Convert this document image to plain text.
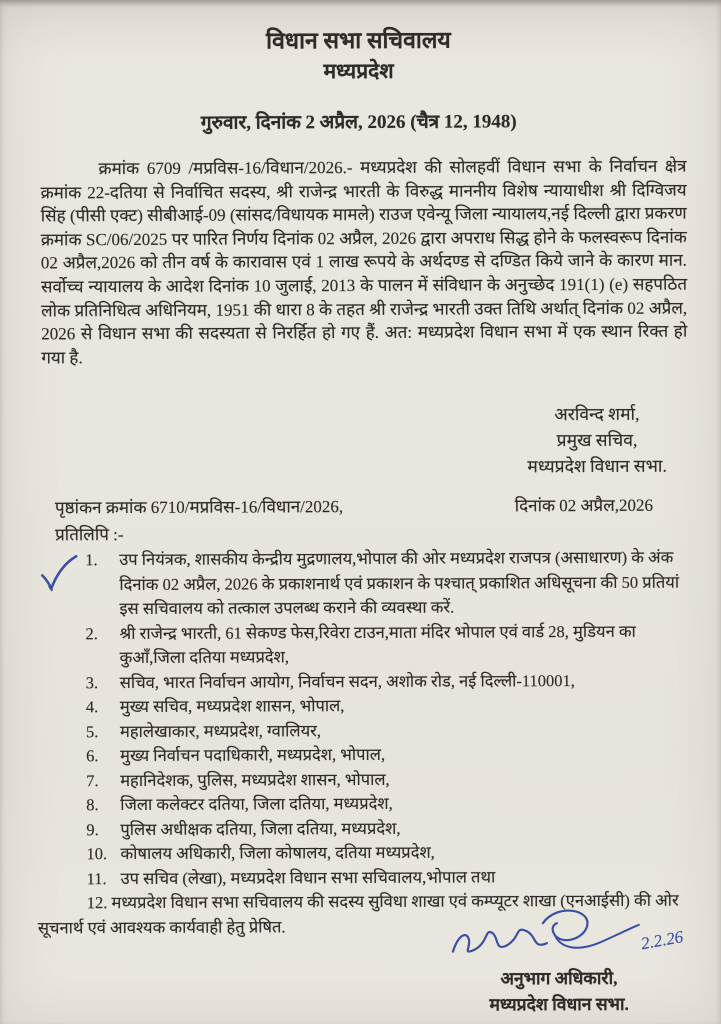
विधान सभा सचिवालय
मध्यप्रदेश
गुरुवार, दिनांक 2 अप्रैल, 2026 (चैत्र 12, 1948)

क्रमांक 6709 /मप्रविस-16/विधान/2026.- मध्यप्रदेश की सोलहवीं विधान सभा के निर्वाचन क्षेत्र क्रमांक 22-दतिया से निर्वाचित सदस्य, श्री राजेन्द्र भारती के विरुद्ध माननीय विशेष न्यायाधीश श्री दिग्विजय सिंह (पीसी एक्ट) सीबीआई-09 (सांसद/विधायक मामले) राउज एवेन्यू जिला न्यायालय,नई दिल्ली द्वारा प्रकरण क्रमांक SC/06/2025 पर पारित निर्णय दिनांक 02 अप्रैल, 2026 द्वारा अपराध सिद्ध होने के फलस्वरूप दिनांक 02 अप्रैल,2026 को तीन वर्ष के कारावास एवं 1 लाख रूपये के अर्थदण्ड से दण्डित किये जाने के कारण मान. सर्वोच्च न्यायालय के आदेश दिनांक 10 जुलाई, 2013 के पालन में संविधान के अनुच्छेद 191(1) (e) सहपठित लोक प्रतिनिधित्व अधिनियम, 1951 की धारा 8 के तहत श्री राजेन्द्र भारती उक्त तिथि अर्थात् दिनांक 02 अप्रैल, 2026 से विधान सभा की सदस्यता से निरर्हित हो गए हैं. अत: मध्यप्रदेश विधान सभा में एक स्थान रिक्त हो गया है.

अरविन्द शर्मा,
प्रमुख सचिव,
मध्यप्रदेश विधान सभा.
पृष्ठांकन क्रमांक 6710/मप्रविस-16/विधान/2026,	दिनांक 02 अप्रैल,2026
प्रतिलिपि :-
1.	उप नियंत्रक, शासकीय केन्द्रीय मुद्रणालय,भोपाल की ओर मध्यप्रदेश राजपत्र (असाधारण) के अंक दिनांक 02 अप्रैल, 2026 के प्रकाशनार्थ एवं प्रकाशन के पश्चात् प्रकाशित अधिसूचना की 50 प्रतियां इस सचिवालय को तत्काल उपलब्ध कराने की व्यवस्था करें.
2.	श्री राजेन्द्र भारती, 61 सेकण्ड फेस,रिवेरा टाउन,माता मंदिर भोपाल एवं वार्ड 28, मुडियन का कुआँ,जिला दतिया मध्यप्रदेश,
3.	सचिव, भारत निर्वाचन आयोग, निर्वाचन सदन, अशोक रोड, नई दिल्ली-110001,
4.	मुख्य सचिव, मध्यप्रदेश शासन, भोपाल,
5.	महालेखाकार, मध्यप्रदेश, ग्वालियर,
6.	मुख्य निर्वाचन पदाधिकारी, मध्यप्रदेश, भोपाल,
7.	महानिदेशक, पुलिस, मध्यप्रदेश शासन, भोपाल,
8.	जिला कलेक्टर दतिया, जिला दतिया, मध्यप्रदेश,
9.	पुलिस अधीक्षक दतिया, जिला दतिया, मध्यप्रदेश,
10. कोषालय अधिकारी, जिला कोषालय, दतिया मध्यप्रदेश,
11. उप सचिव (लेखा), मध्यप्रदेश विधान सभा सचिवालय,भोपाल तथा

12. मध्यप्रदेश विधान सभा सचिवालय की सदस्य सुविधा शाखा एवं कम्प्यूटर शाखा (एनआईसी) की ओर सूचनार्थ एवं आवश्यक कार्यवाही हेतु प्रेषित.	2.2.26
अनुभाग अधिकारी,
मध्यप्रदेश विधान सभा.
